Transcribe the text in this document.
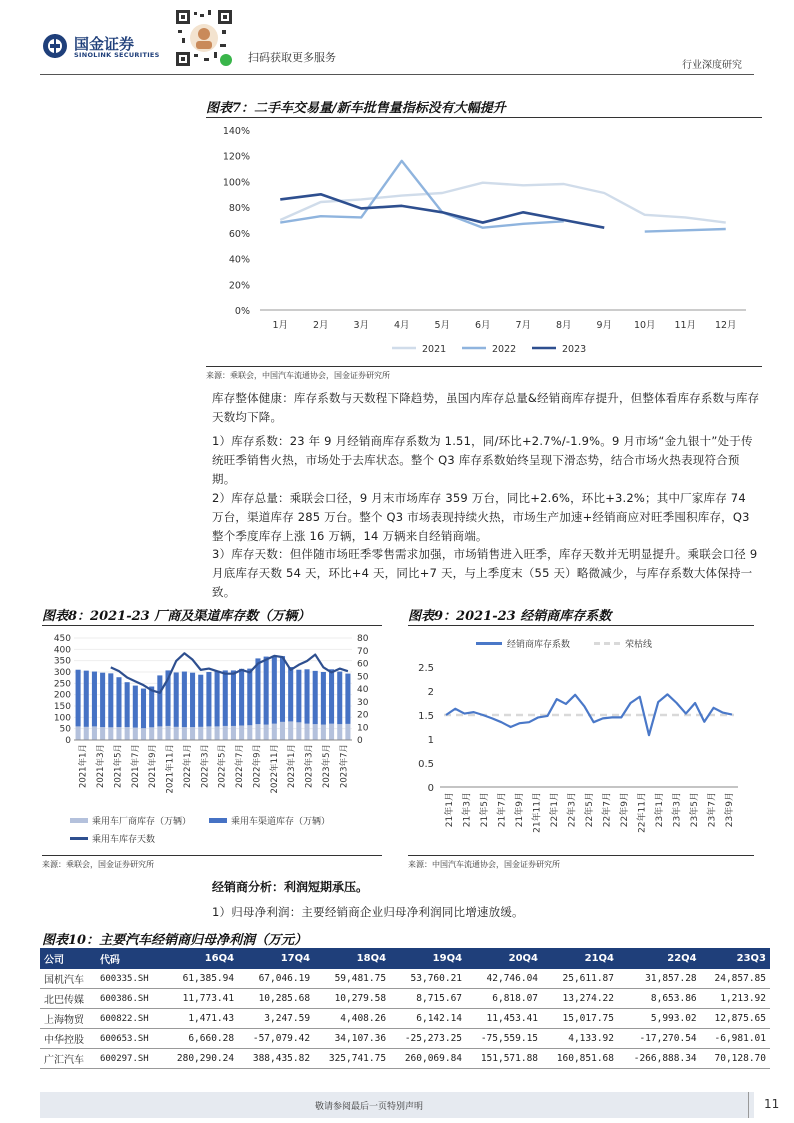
国金证券
SINOLINK SECURITIES	扫码获取更多服务
行业深度研究
图表7：二手车交易量/新车批售量指标没有大幅提升
0%
20%
40%
60%
80%
100%
120%
140%
1月	2月	3月	4月	5月	6月	7月	8月	9月 10月 11月 12月
2021	2022	2023
来源：乘联会，中国汽车流通协会，国金证券研究所
库存整体健康：库存系数与天数程下降趋势，虽国内库存总量&经销商库存提升，但整体看库存系数与库存天数均下降。
1）库存系数：23 年 9 月经销商库存系数为 1.51，同/环比+2.7%/-1.9%。9 月市场“金九银十”处于传统旺季销售火热，市场处于去库状态。整个 Q3 库存系数始终呈现下滑态势，结合市场火热表现符合预期。
2）库存总量：乘联会口径，9 月末市场库存 359 万台，同比+2.6%，环比+3.2%；其中厂家库存 74 万台，渠道库存 285 万台。整个 Q3 市场表现持续火热，市场生产加速+经销商应对旺季囤积库存，Q3 整个季度库存上涨 16 万辆，14 万辆来自经销商端。
3）库存天数：但伴随市场旺季零售需求加强，市场销售进入旺季，库存天数并无明显提升。乘联会口径 9 月底库存天数 54 天，环比+4 天，同比+7 天，与上季度末（55 天）略微减少，与库存系数大体保持一致。
图表8：2021-23 厂商及渠道库存数（万辆）
0
50
100
150
200
250
300
350
400
450
0
10
20
30
40
50
60
70
80
2021年1月 2021年3月 2021年5月 2021年7月 2021年9月 2021年11月 2022年1月 2022年3月 2022年5月 2022年7月 2022年9月 2022年11月 2023年1月 2023年3月 2023年5月 2023年7月
乘用车厂商库存（万辆）	乘用车渠道库存（万辆）
乘用车库存天数
来源：乘联会，国金证券研究所
图表9：2021-23 经销商库存系数
经销商库存系数	荣枯线
0
0.5
1
1.5
2
2.5
21年1月 21年3月 21年5月 21年7月 21年9月 21年11月 22年1月 22年3月 22年5月 22年7月 22年9月 22年11月 23年1月 23年3月 23年5月 23年7月 23年9月
来源：中国汽车流通协会，国金证券研究所
经销商分析：利润短期承压。
1）归母净利润：主要经销商企业归母净利润同比增速放缓。
图表10：主要汽车经销商归母净利润（万元）
公司	代码	16Q4	17Q4	18Q4	19Q4	20Q4	21Q4	22Q4	23Q3
国机汽车	600335.SH	61,385.94	67,046.19	59,481.75	53,760.21	42,746.04	25,611.87	31,857.28	24,857.85
北巴传媒	600386.SH	11,773.41	10,285.68	10,279.58	8,715.67	6,818.07	13,274.22	8,653.86	1,213.92
上海物贸	600822.SH	1,471.43	3,247.59	4,408.26	6,142.14	11,453.41	15,017.75	5,993.02	12,875.65
中华控股	600653.SH	6,660.28	-57,079.42	34,107.36	-25,273.25	-75,559.15	4,133.92	-17,270.54	-6,981.01
广汇汽车	600297.SH	280,290.24	388,435.82	325,741.75	260,069.84	151,571.88	160,851.68	-266,888.34	70,128.70
敬请参阅最后一页特别声明	11
